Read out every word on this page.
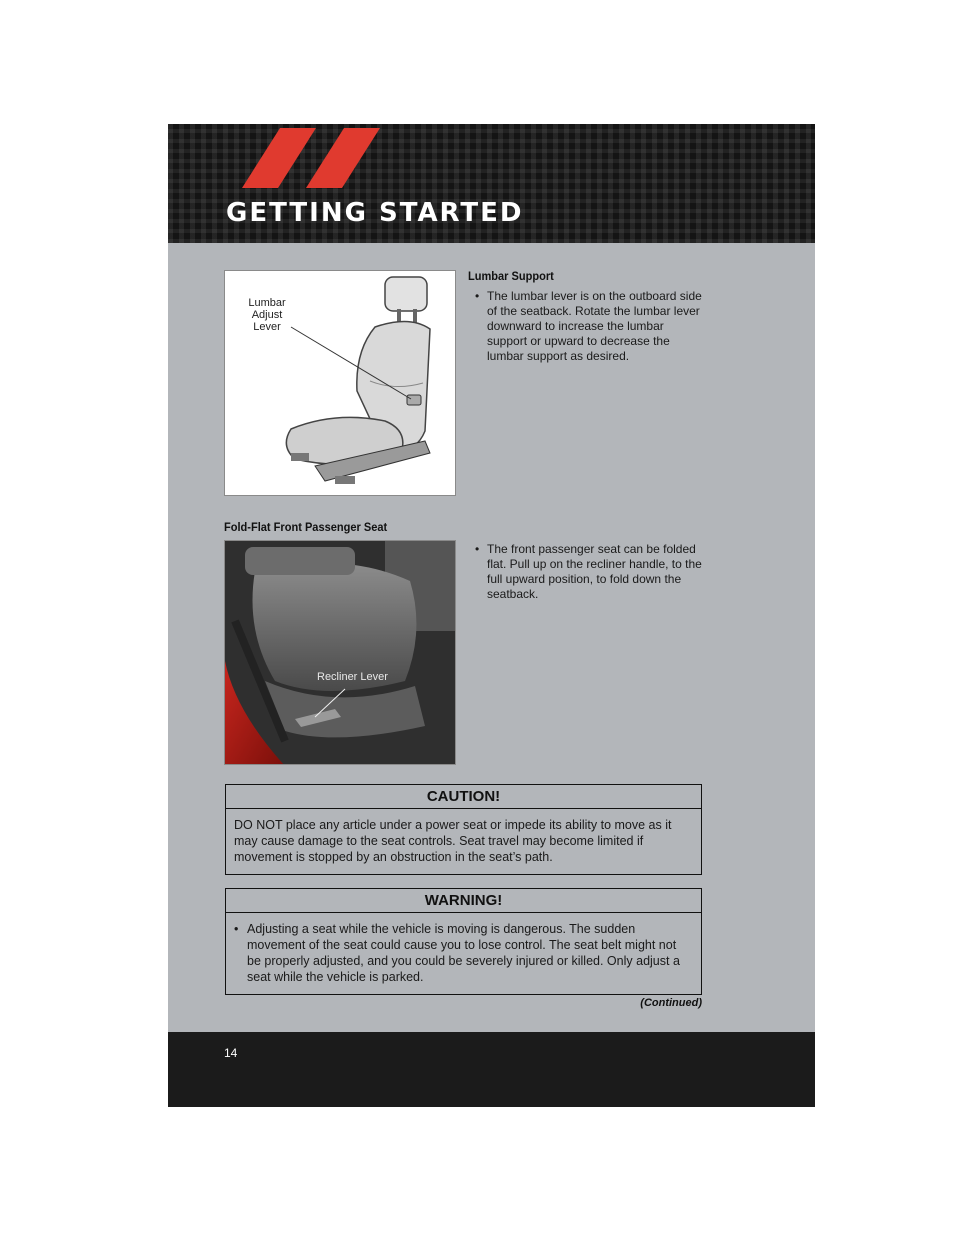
GETTING STARTED
Lumbar Adjust Lever
Lumbar Support
• The lumbar lever is on the outboard side of the seatback. Rotate the lumbar lever downward to increase the lumbar support or upward to decrease the lumbar support as desired.
Fold-Flat Front Passenger Seat
Recliner Lever
• The front passenger seat can be folded flat. Pull up on the recliner handle, to the full upward position, to fold down the seatback.
CAUTION!
DO NOT place any article under a power seat or impede its ability to move as it may cause damage to the seat controls. Seat travel may become limited if movement is stopped by an obstruction in the seat’s path.
WARNING!
• Adjusting a seat while the vehicle is moving is dangerous. The sudden movement of the seat could cause you to lose control. The seat belt might not be properly adjusted, and you could be severely injured or killed. Only adjust a seat while the vehicle is parked.
(Continued)
14
